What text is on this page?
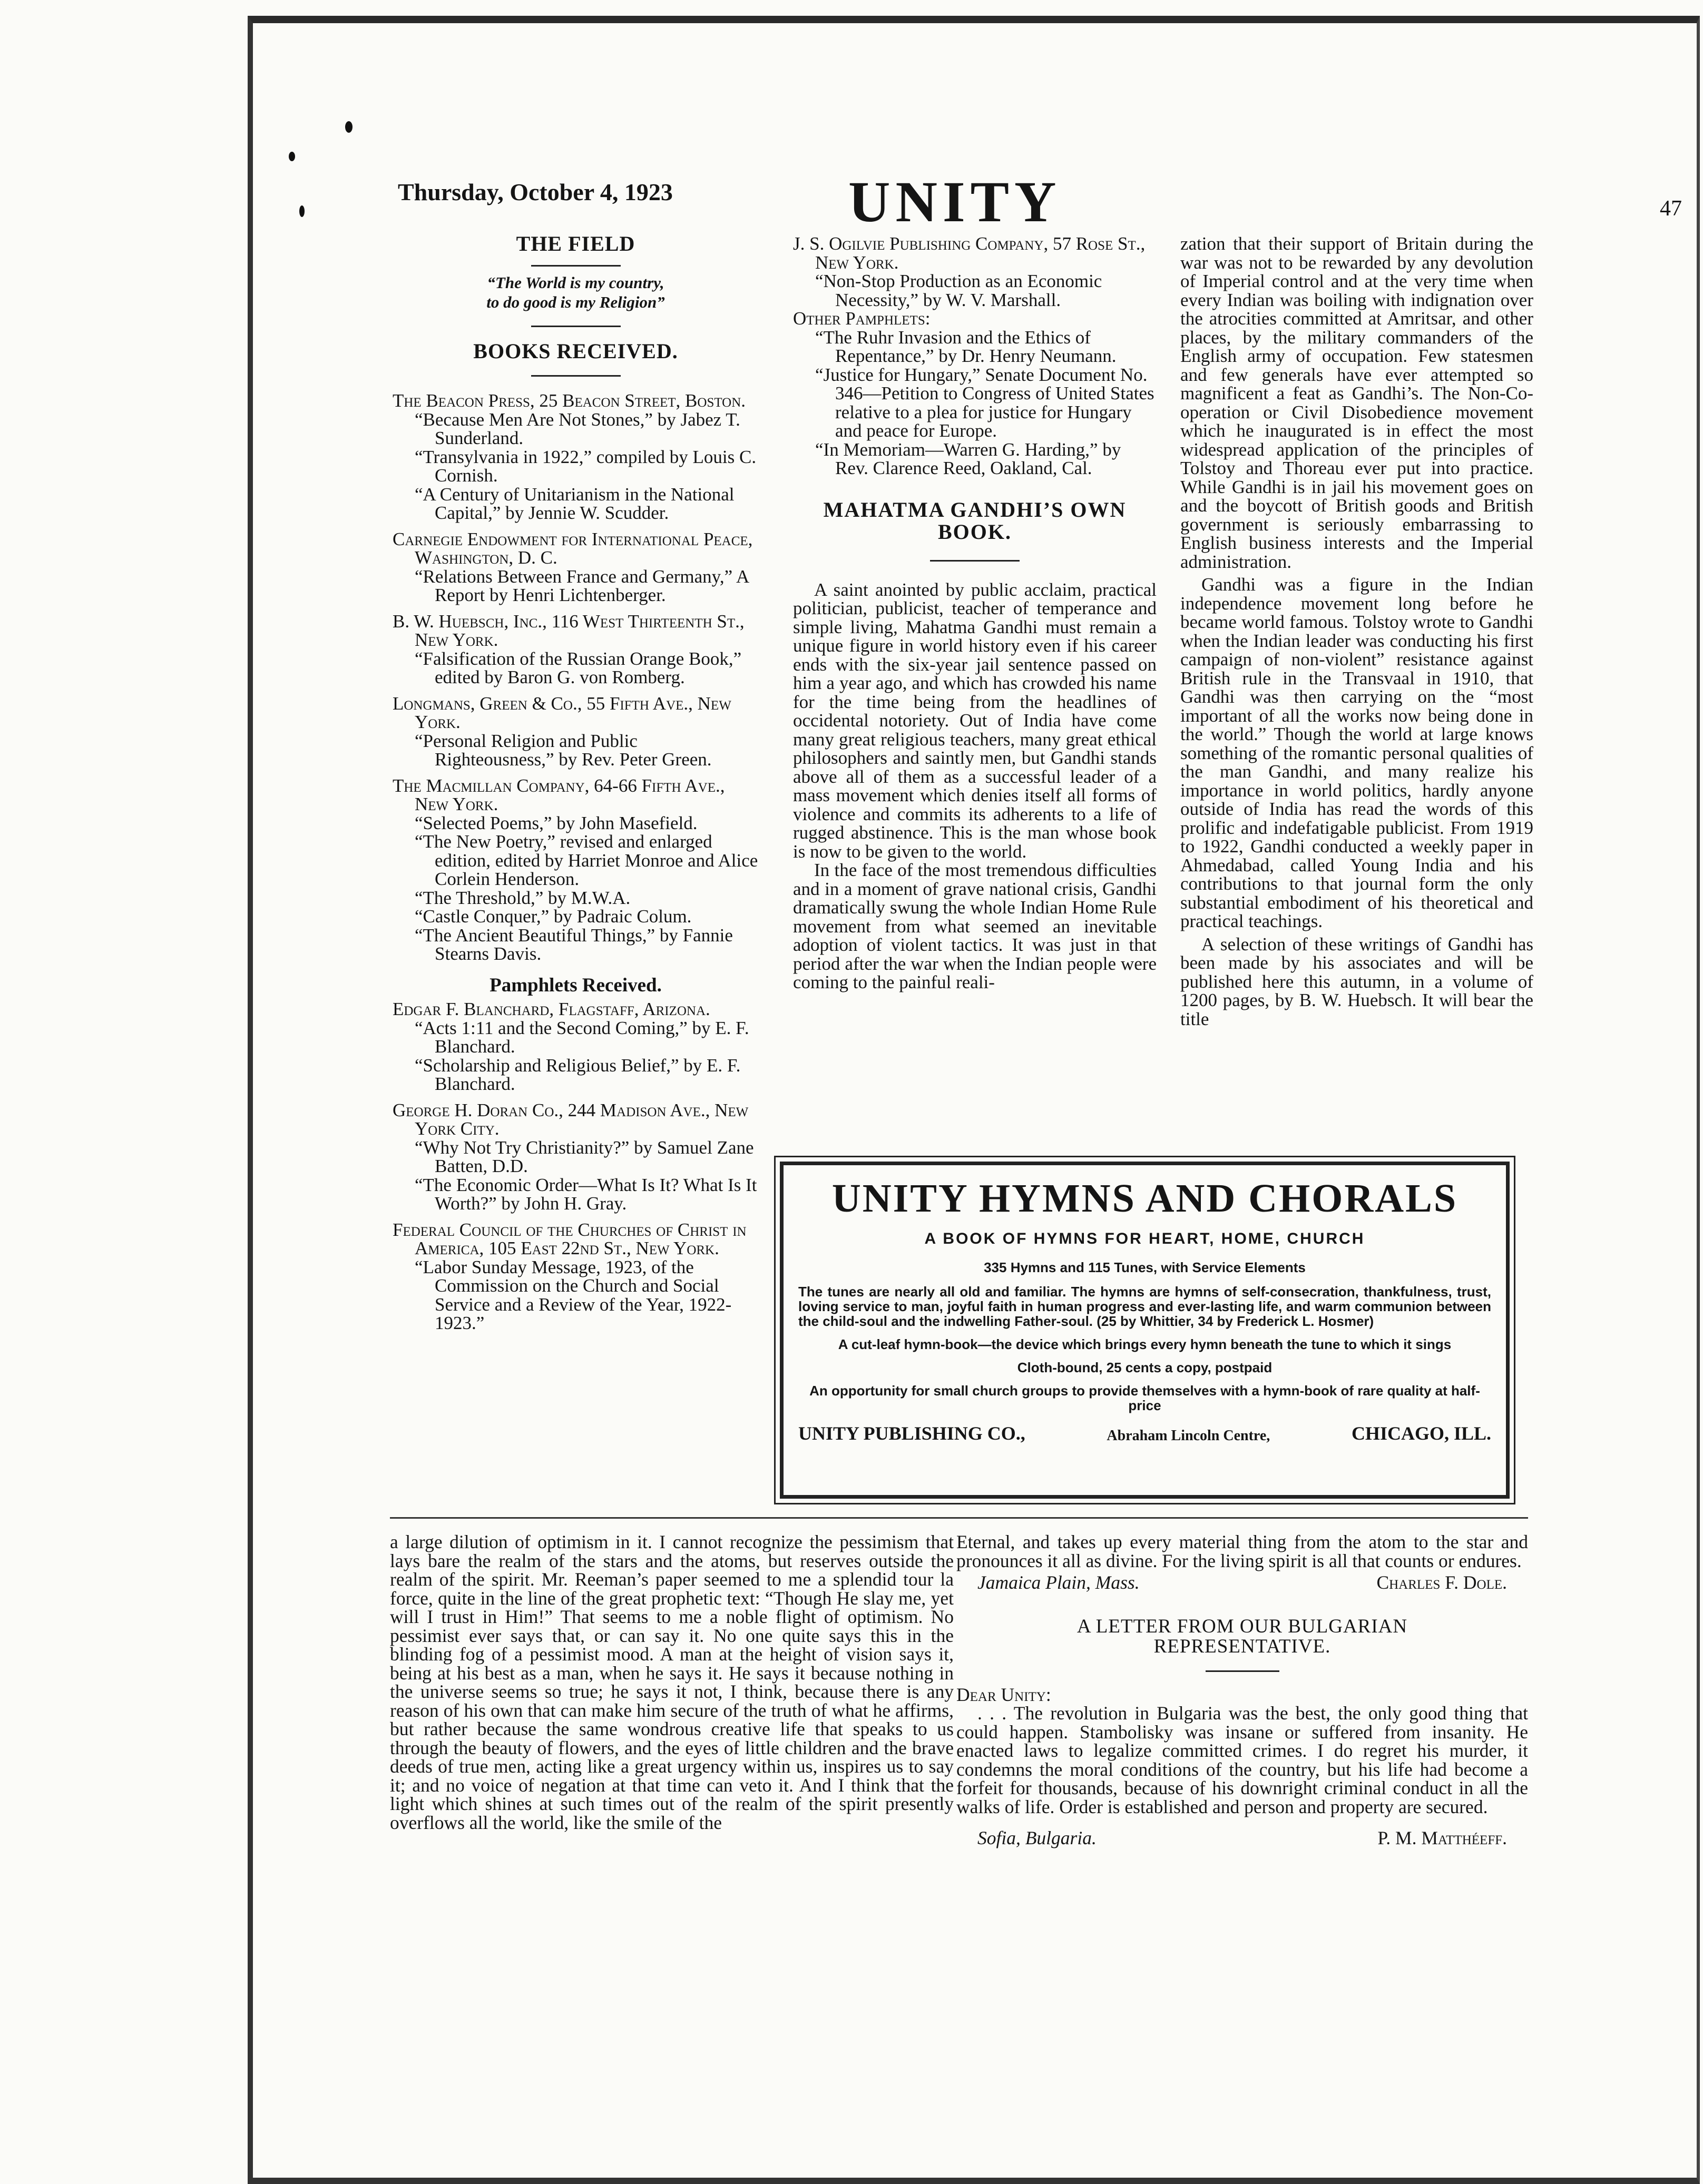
Thursday, October 4, 1923	UNITY	47
THE FIELD
“The World is my country,
to do good is my Religion”
BOOKS RECEIVED.
The Beacon Press, 25 Beacon Street, Boston.
“Because Men Are Not Stones,” by Jabez T. Sunderland.
“Transylvania in 1922,” compiled by Louis C. Cornish.
“A Century of Unitarianism in the National Capital,” by Jennie W. Scudder.
Carnegie Endowment for International Peace, Washington, D. C.
“Relations Between France and Germany,” A Report by Henri Lichtenberger.
B. W. Huebsch, Inc., 116 West Thirteenth St., New York.
“Falsification of the Russian Orange Book,” edited by Baron G. von Romberg.
Longmans, Green & Co., 55 Fifth Ave., New York.
“Personal Religion and Public Righteousness,” by Rev. Peter Green.
The Macmillan Company, 64-66 Fifth Ave., New York.
“Selected Poems,” by John Masefield.
“The New Poetry,” revised and enlarged edition, edited by Harriet Monroe and Alice Corlein Henderson.
“The Threshold,” by M.W.A.
“Castle Conquer,” by Padraic Colum.
“The Ancient Beautiful Things,” by Fannie Stearns Davis.
Pamphlets Received.
Edgar F. Blanchard, Flagstaff, Arizona.
“Acts 1:11 and the Second Coming,” by E. F. Blanchard.
“Scholarship and Religious Belief,” by E. F. Blanchard.
George H. Doran Co., 244 Madison Ave., New York City.
“Why Not Try Christianity?” by Samuel Zane Batten, D.D.
“The Economic Order—What Is It? What Is It Worth?” by John H. Gray.
Federal Council of the Churches of Christ in America, 105 East 22nd St., New York.
“Labor Sunday Message, 1923, of the Commission on the Church and Social Service and a Review of the Year, 1922-1923.”
J. S. Ogilvie Publishing Company, 57 Rose St., New York.
“Non-Stop Production as an Economic Necessity,” by W. V. Marshall.
Other Pamphlets:
“The Ruhr Invasion and the Ethics of Repentance,” by Dr. Henry Neumann.
“Justice for Hungary,” Senate Document No. 346—Petition to Congress of United States relative to a plea for justice for Hungary and peace for Europe.
“In Memoriam—Warren G. Harding,” by Rev. Clarence Reed, Oakland, Cal.
MAHATMA GANDHI’S OWN
BOOK.

A saint anointed by public acclaim, practical politician, publicist, teacher of temperance and simple living, Mahatma Gandhi must remain a unique figure in world history even if his career ends with the six-year jail sentence passed on him a year ago, and which has crowded his name for the time being from the headlines of occidental notoriety. Out of India have come many great religious teachers, many great ethical philosophers and saintly men, but Gandhi stands above all of them as a successful leader of a mass movement which denies itself all forms of violence and commits its adherents to a life of rugged abstinence. This is the man whose book is now to be given to the world.

In the face of the most tremendous difficulties and in a moment of grave national crisis, Gandhi dramatically swung the whole Indian Home Rule movement from what seemed an inevitable adoption of violent tactics. It was just in that period after the war when the Indian people were coming to the painful reali-

zation that their support of Britain during the war was not to be rewarded by any devolution of Imperial control and at the very time when every Indian was boiling with indignation over the atrocities committed at Amritsar, and other places, by the military commanders of the English army of occupation. Few statesmen and few generals have ever attempted so magnificent a feat as Gandhi’s. The Non-Co-operation or Civil Disobedience movement which he inaugurated is in effect the most widespread application of the principles of Tolstoy and Thoreau ever put into practice. While Gandhi is in jail his movement goes on and the boycott of British goods and British government is seriously embarrassing to English business interests and the Imperial administration.

Gandhi was a figure in the Indian independence movement long before he became world famous. Tolstoy wrote to Gandhi when the Indian leader was conducting his first campaign of non-violent” resistance against British rule in the Transvaal in 1910, that Gandhi was then carrying on the “most important of all the works now being done in the world.” Though the world at large knows something of the romantic personal qualities of the man Gandhi, and many realize his importance in world politics, hardly anyone outside of India has read the words of this prolific and indefatigable publicist. From 1919 to 1922, Gandhi conducted a weekly paper in Ahmedabad, called Young India and his contributions to that journal form the only substantial embodiment of his theoretical and practical teachings.

A selection of these writings of Gandhi has been made by his associates and will be published here this autumn, in a volume of 1200 pages, by B. W. Huebsch. It will bear the title

UNITY HYMNS AND CHORALS
A BOOK OF HYMNS FOR HEART, HOME, CHURCH
335 Hymns and 115 Tunes, with Service Elements
The tunes are nearly all old and familiar. The hymns are hymns of self-consecration, thankfulness, trust, loving service to man, joyful faith in human progress and ever-lasting life, and warm communion between the child-soul and the indwelling Father-soul. (25 by Whittier, 34 by Frederick L. Hosmer)
A cut-leaf hymn-book—the device which brings every hymn beneath the tune to which it sings
Cloth-bound, 25 cents a copy, postpaid
An opportunity for small church groups to provide themselves with a hymn-book of rare quality at half-price
UNITY PUBLISHING CO.,	Abraham Lincoln Centre,	CHICAGO, ILL.

a large dilution of optimism in it. I cannot recognize the pessimism that lays bare the realm of the stars and the atoms, but reserves outside the realm of the spirit. Mr. Reeman’s paper seemed to me a splendid tour la force, quite in the line of the great prophetic text: “Though He slay me, yet will I trust in Him!” That seems to me a noble flight of optimism. No pessimist ever says that, or can say it. No one quite says this in the blinding fog of a pessimist mood. A man at the height of vision says it, being at his best as a man, when he says it. He says it because nothing in the universe seems so true; he says it not, I think, because there is any reason of his own that can make him secure of the truth of what he affirms, but rather because the same wondrous creative life that speaks to us through the beauty of flowers, and the eyes of little children and the brave deeds of true men, acting like a great urgency within us, inspires us to say it; and no voice of negation at that time can veto it. And I think that the light which shines at such times out of the realm of the spirit presently overflows all the world, like the smile of the

Eternal, and takes up every material thing from the atom to the star and pronounces it all as divine. For the living spirit is all that counts or endures.

Jamaica Plain, Mass.	Charles F. Dole.
A LETTER FROM OUR BULGARIAN
REPRESENTATIVE.
Dear Unity:

. . . The revolution in Bulgaria was the best, the only good thing that could happen. Stambolisky was insane or suffered from insanity. He enacted laws to legalize committed crimes. I do regret his murder, it condemns the moral conditions of the country, but his life had become a forfeit for thousands, because of his downright criminal conduct in all the walks of life. Order is established and person and property are secured.

Sofia, Bulgaria.	P. M. Matthéeff.
